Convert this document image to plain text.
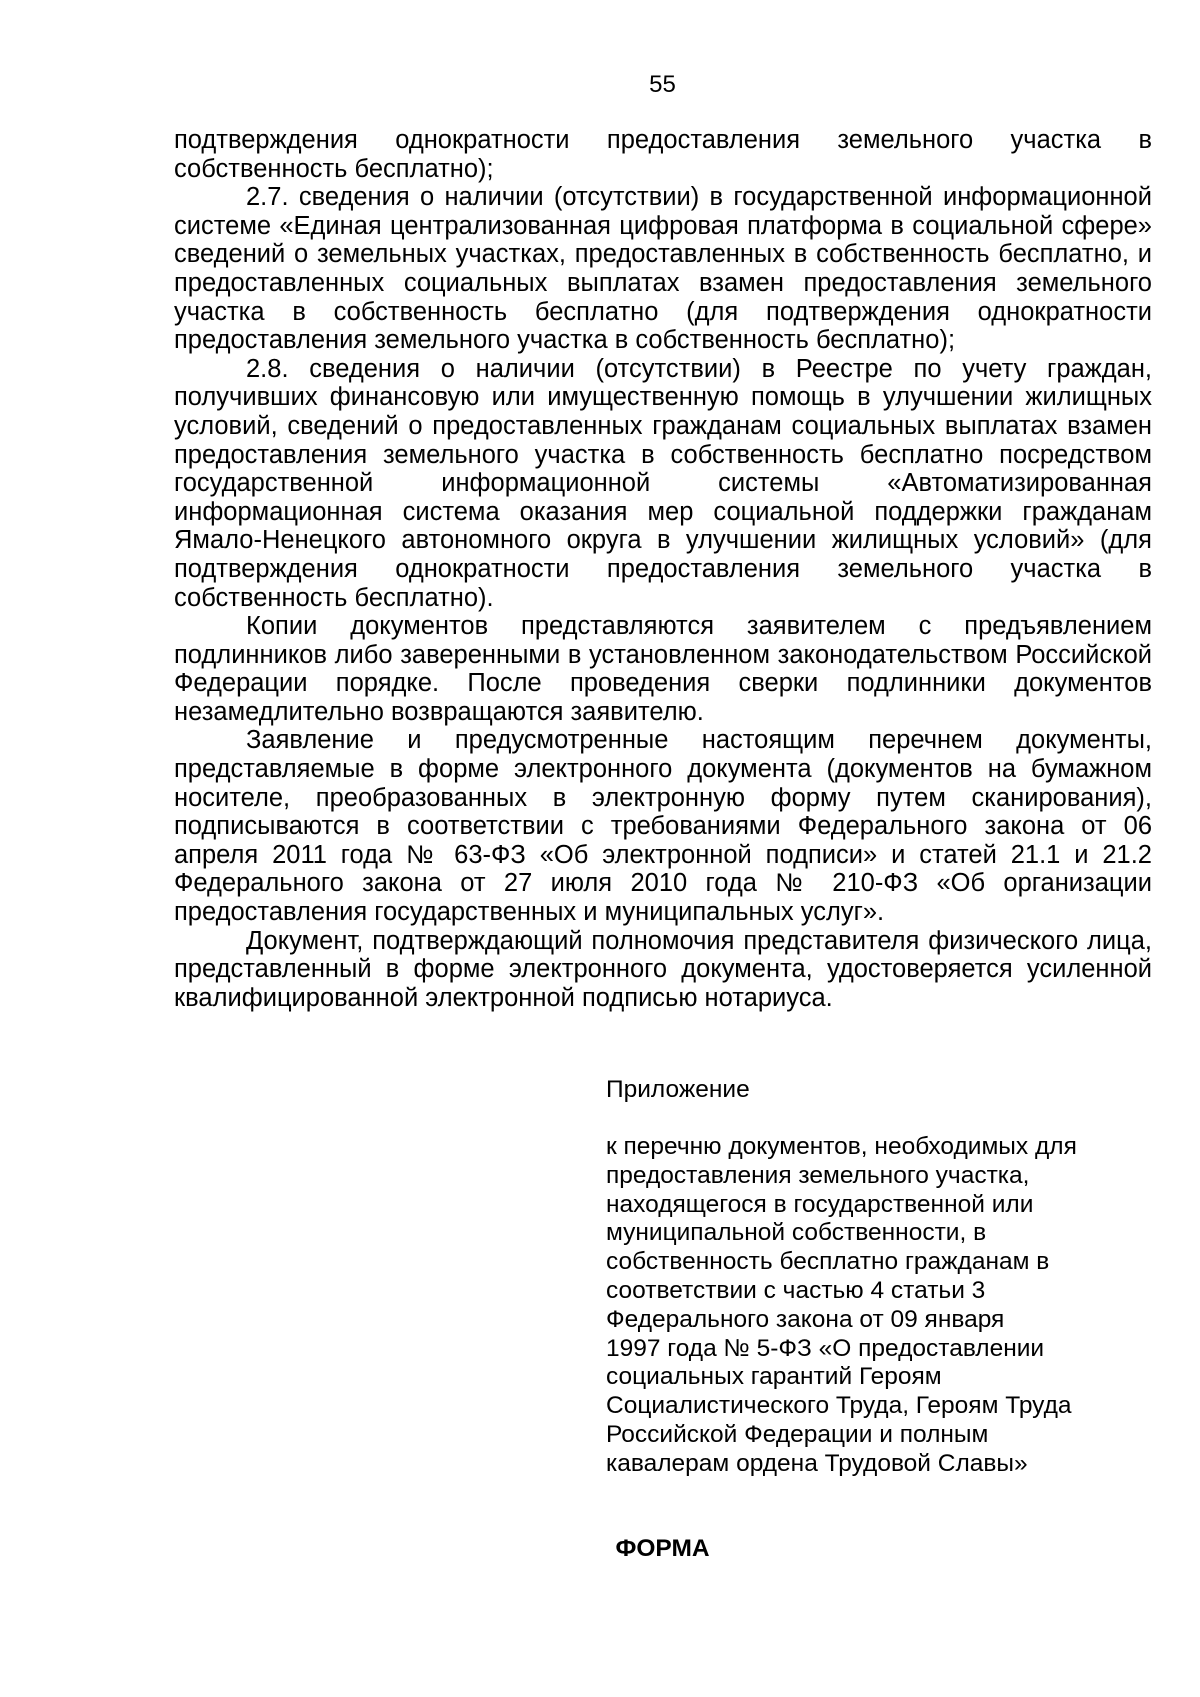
55

подтверждения однократности предоставления земельного участка в собственность бесплатно);

2.7. сведения о наличии (отсутствии) в государственной информационной системе «Единая централизованная цифровая платформа в социальной сфере» сведений о земельных участках, предоставленных в собственность бесплатно, и предоставленных социальных выплатах взамен предоставления земельного участка в собственность бесплатно (для подтверждения однократности предоставления земельного участка в собственность бесплатно);

2.8. сведения о наличии (отсутствии) в Реестре по учету граждан, получивших финансовую или имущественную помощь в улучшении жилищных условий, сведений о предоставленных гражданам социальных выплатах взамен предоставления земельного участка в собственность бесплатно посредством государственной информационной системы «Автоматизированная информационная система оказания мер социальной поддержки гражданам Ямало-Ненецкого автономного округа в улучшении жилищных условий» (для подтверждения однократности предоставления земельного участка в собственность бесплатно).

Копии документов представляются заявителем с предъявлением подлинников либо заверенными в установленном законодательством Российской Федерации порядке. После проведения сверки подлинники документов незамедлительно возвращаются заявителю.

Заявление и предусмотренные настоящим перечнем документы, представляемые в форме электронного документа (документов на бумажном носителе, преобразованных в электронную форму путем сканирования), подписываются в соответствии с требованиями Федерального закона от 06 апреля 2011 года № 63-ФЗ «Об электронной подписи» и статей 21.1 и 21.2 Федерального закона от 27 июля 2010 года № 210-ФЗ «Об организации предоставления государственных и муниципальных услуг».

Документ, подтверждающий полномочия представителя физического лица, представленный в форме электронного документа, удостоверяется усиленной квалифицированной электронной подписью нотариуса.

Приложение

к перечню документов, необходимых для
предоставления земельного участка,
находящегося в государственной или
муниципальной собственности, в
собственность бесплатно гражданам в
соответствии с частью 4 статьи 3
Федерального закона от 09 января
1997 года № 5-ФЗ «О предоставлении
социальных гарантий Героям
Социалистического Труда, Героям Труда
Российской Федерации и полным
кавалерам ордена Трудовой Славы»

ФОРМА
